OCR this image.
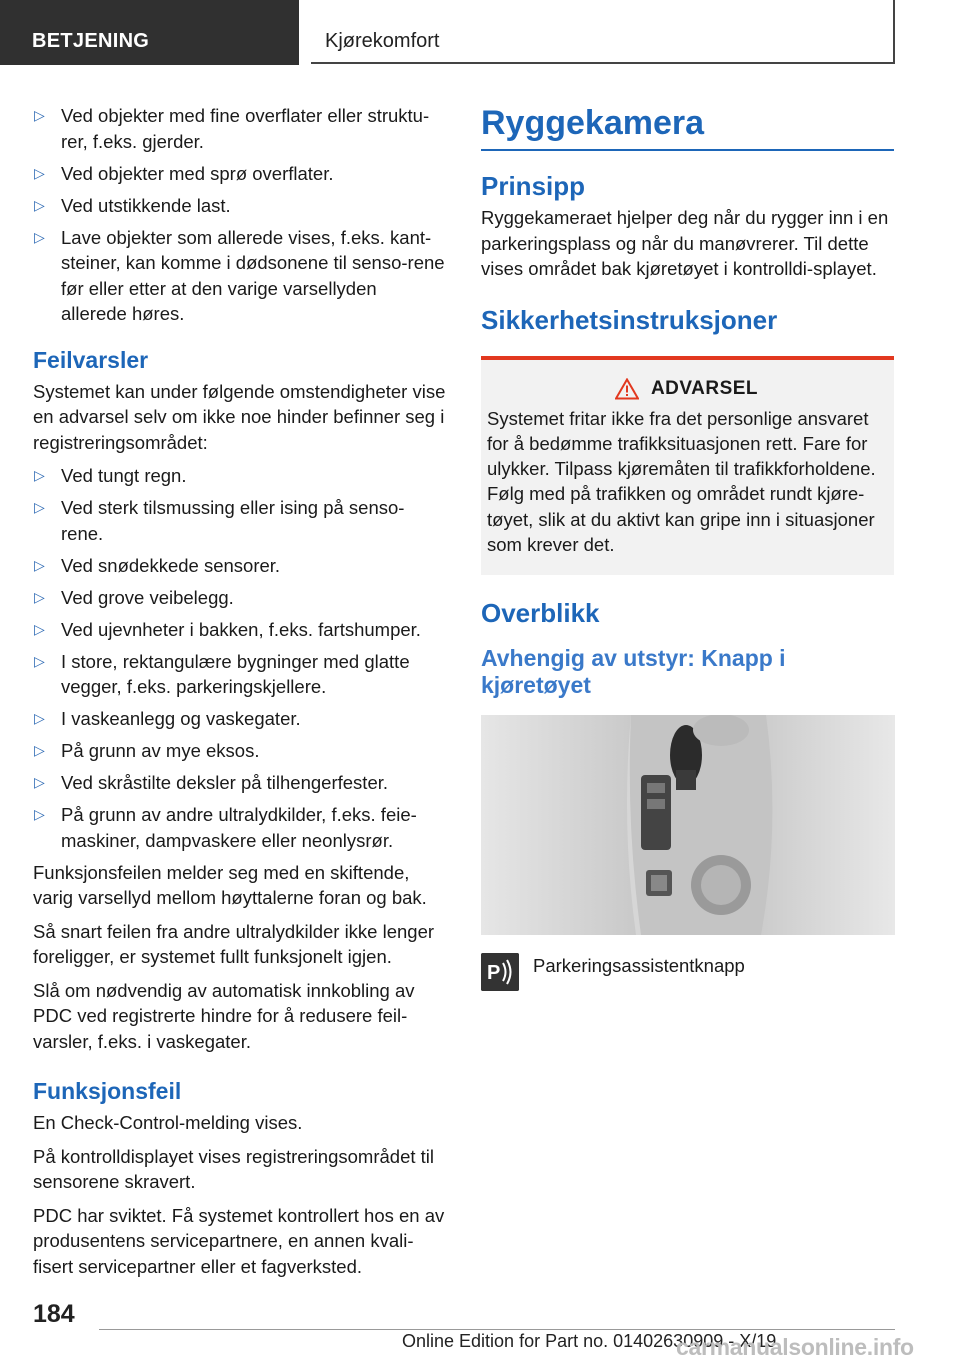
BETJENING	Kjørekomfort
▷ Ved objekter med fine overflater eller struktu-rer, f.eks. gjerder.
▷ Ved objekter med sprø overflater.
▷ Ved utstikkende last.
▷ Lave objekter som allerede vises, f.eks. kant-steiner, kan komme i dødsonene til senso-rene før eller etter at den varige varsellyden allerede høres.
Feilvarsler

Systemet kan under følgende omstendigheter vise en advarsel selv om ikke noe hinder befinner seg i registreringsområdet:

▷ Ved tungt regn.
▷ Ved sterk tilsmussing eller ising på senso-rene.
▷ Ved snødekkede sensorer.
▷ Ved grove veibelegg.
▷ Ved ujevnheter i bakken, f.eks. fartshumper.
▷ I store, rektangulære bygninger med glatte vegger, f.eks. parkeringskjellere.
▷ I vaskeanlegg og vaskegater.
▷ På grunn av mye eksos.
▷ Ved skråstilte deksler på tilhengerfester.
▷ På grunn av andre ultralydkilder, f.eks. feie-maskiner, dampvaskere eller neonlysrør.

Funksjonsfeilen melder seg med en skiftende, varig varsellyd mellom høyttalerne foran og bak.

Så snart feilen fra andre ultralydkilder ikke lenger foreligger, er systemet fullt funksjonelt igjen.

Slå om nødvendig av automatisk innkobling av PDC ved registrerte hindre for å redusere feil-varsler, f.eks. i vaskegater.

Funksjonsfeil

En Check-Control-melding vises.

På kontrolldisplayet vises registreringsområdet til sensorene skravert.

PDC har sviktet. Få systemet kontrollert hos en av produsentens servicepartnere, en annen kvali-fisert servicepartner eller et fagverksted.

Ryggekamera
Prinsipp

Ryggekameraet hjelper deg når du rygger inn i en parkeringsplass og når du manøvrerer. Til dette vises området bak kjøretøyet i kontrolldi-splayet.

Sikkerhetsinstruksjoner
ADVARSEL

Systemet fritar ikke fra det personlige ansvaret for å bedømme trafikksituasjonen rett. Fare for ulykker. Tilpass kjøremåten til trafikkforholdene. Følg med på trafikken og området rundt kjøre-tøyet, slik at du aktivt kan gripe inn i situasjoner som krever det.

Overblikk
Avhengig av utstyr: Knapp i kjøretøyet
P Parkeringsassistentknapp
184
Online Edition for Part no. 01402630909 - X/19
carmanualsonline.info
